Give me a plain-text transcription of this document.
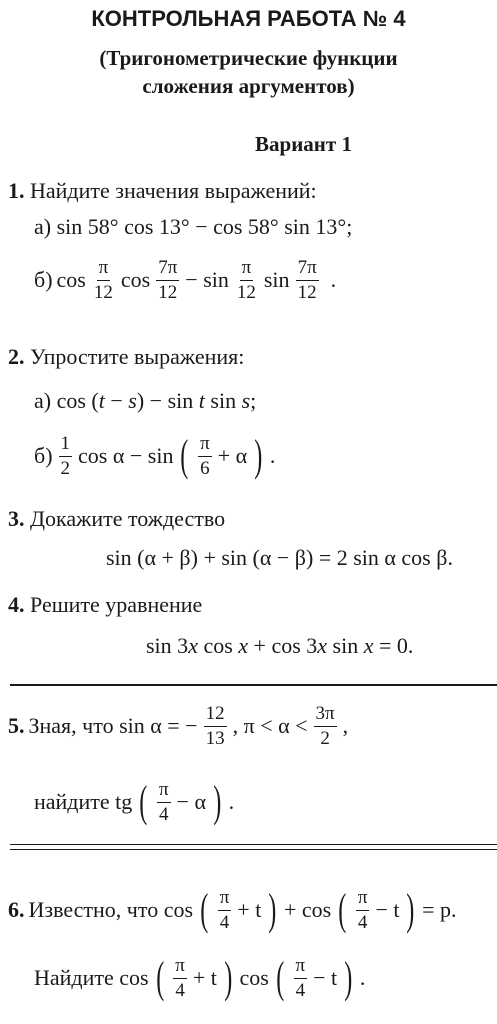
КОНТРОЛЬНАЯ РАБОТА № 4
(Тригонометрические функции
сложения аргументов)
Вариант 1
1. Найдите значения выражений:
а) sin 58° cos 13° − cos 58° sin 13°;
б) $\cos \frac{\pi}{12}$ $\cos \frac{7\pi}{12} - \sin \frac{\pi}{12}$ $\sin \frac{7\pi}{12}$ .
2. Упростите выражения:
а) cos (t − s) − sin t sin s;
$б) \frac{1}{2}$ cos α − sin ( $\frac{\pi}{6} + \alpha$ ) .
3. Докажите тождество
sin (α + β) + sin (α − β) = 2 sin α cos β.
4. Решите уравнение
sin 3x cos x + cos 3x sin x = 0.
5. Зная, что sin α = − $\frac{12}{13}$ , $\pi < \alpha < \frac{3\pi}{2}$ ,
найдите tg ( $\frac{\pi}{4} - \alpha$ ) .
6. Известно, что cos ( $\frac{\pi}{4} + t$ ) + cos ( $\frac{\pi}{4} - t$ ) = p.
Найдите cos ( $\frac{\pi}{4} + t$ ) cos ( $\frac{\pi}{4} - t$ ) .
